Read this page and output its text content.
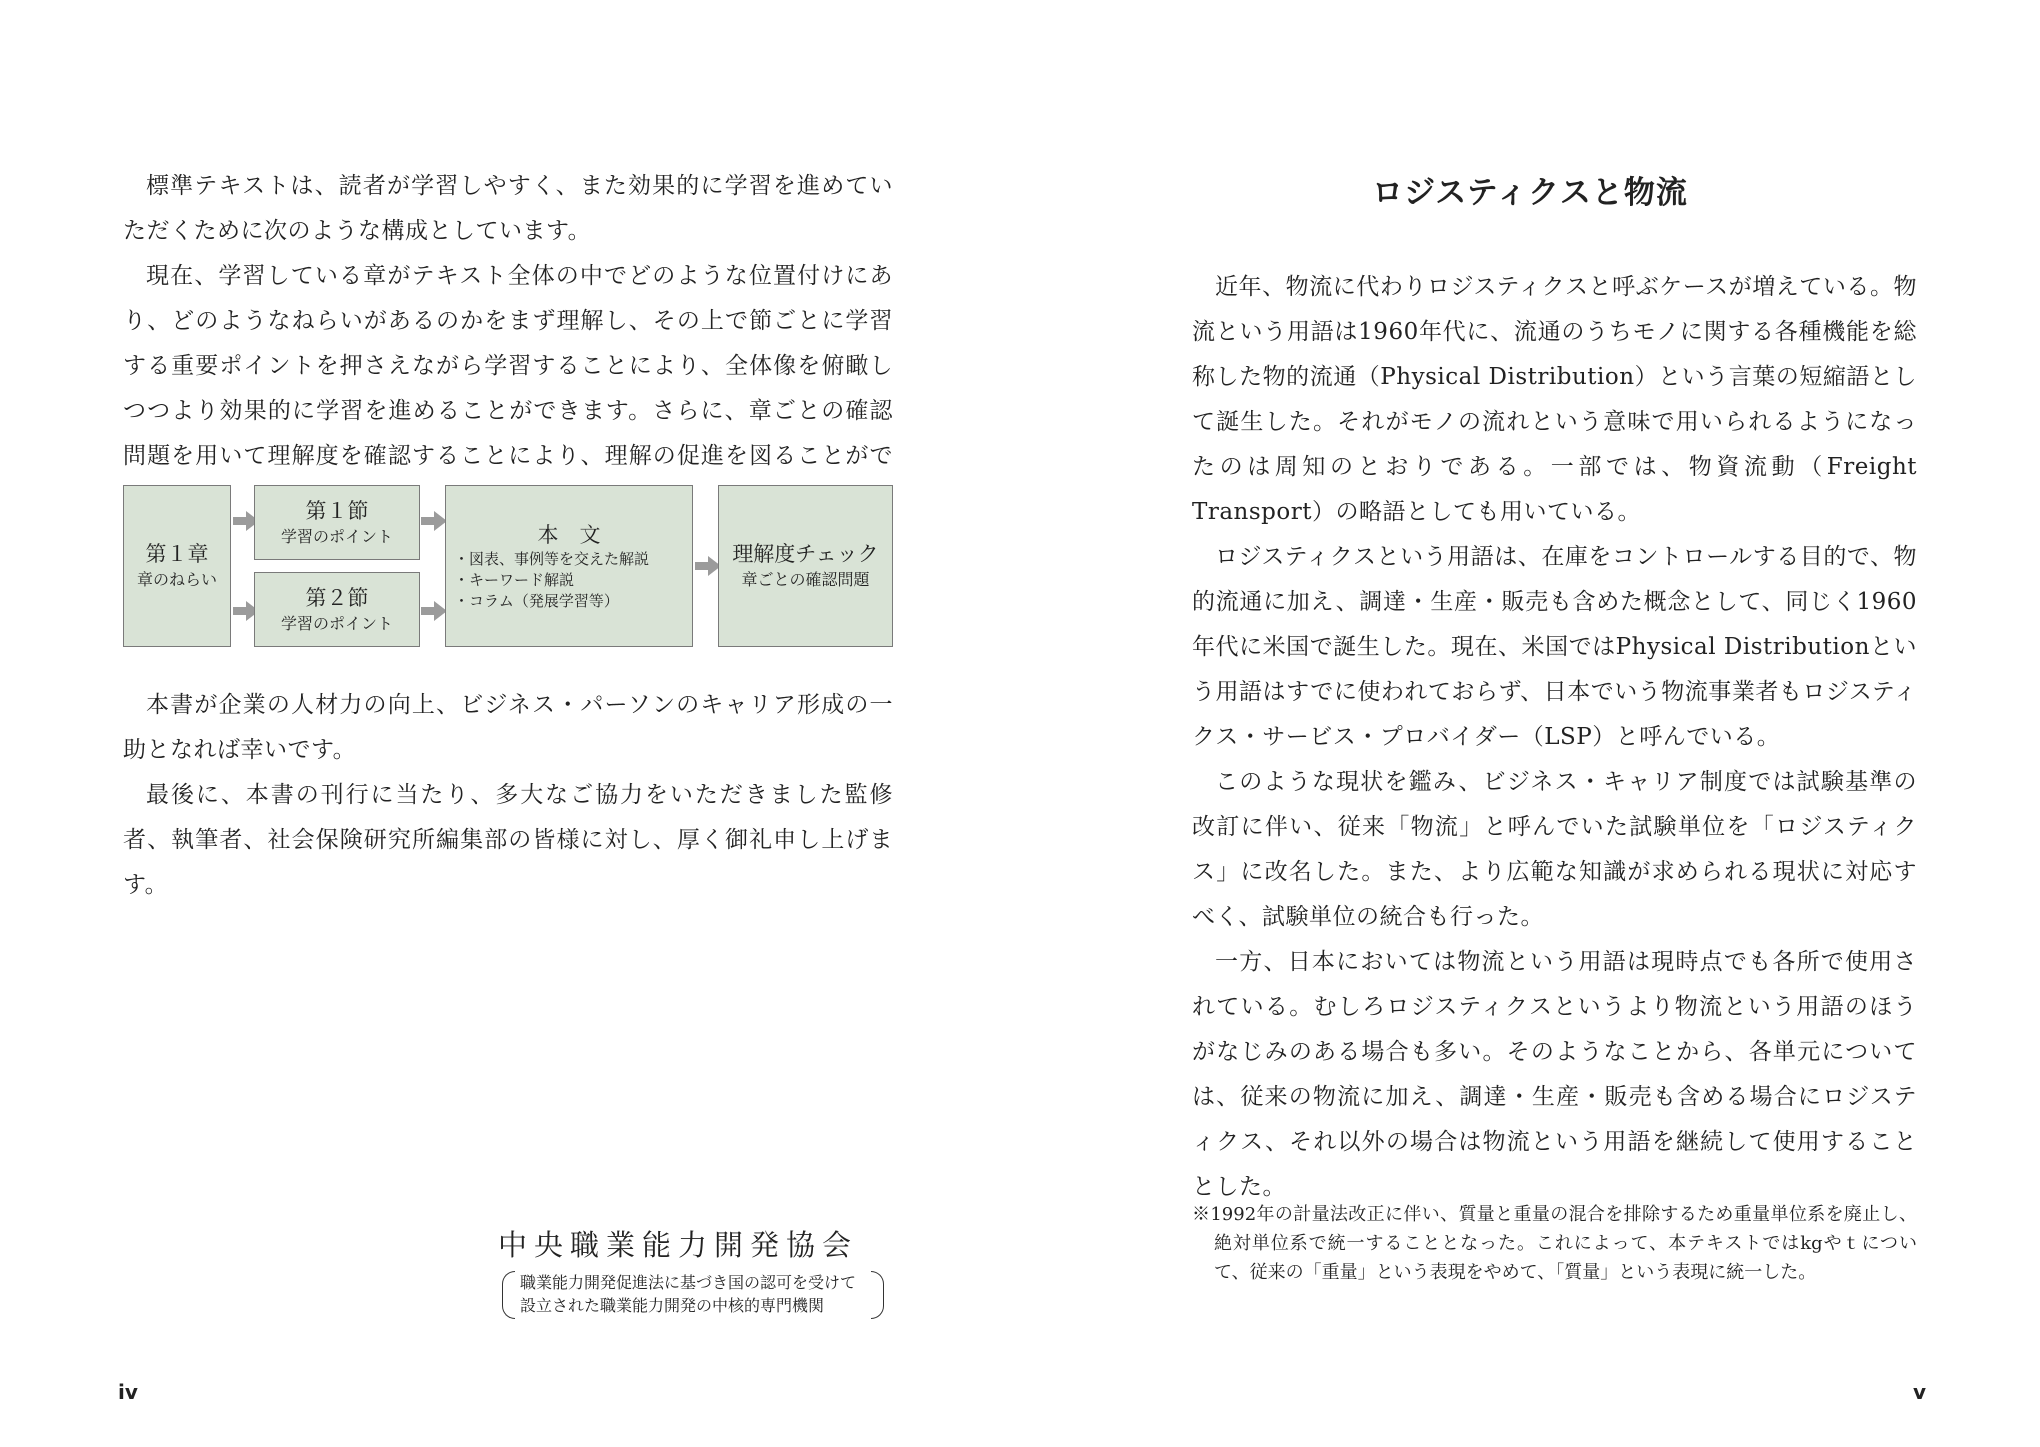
標準テキストは、読者が学習しやすく、また効果的に学習を進めていただくために次のような構成としています。

現在、学習している章がテキスト全体の中でどのような位置付けにあり、どのようなねらいがあるのかをまず理解し、その上で節ごとに学習する重要ポイントを押さえながら学習することにより、全体像を俯瞰しつつより効果的に学習を進めることができます。さらに、章ごとの確認問題を用いて理解度を確認することにより、理解の促進を図ることがで

第１章
章のねらい
第１節
学習のポイント
第２節
学習のポイント
本　文
・図表、事例等を交えた解説
・キーワード解説
・コラム（発展学習等）
理解度チェック
章ごとの確認問題

本書が企業の人材力の向上、ビジネス・パーソンのキャリア形成の一助となれば幸いです。

最後に、本書の刊行に当たり、多大なご協力をいただきました監修者、執筆者、社会保険研究所編集部の皆様に対し、厚く御礼申し上げます。

中央職業能力開発協会
職業能力開発促進法に基づき国の認可を受けて
設立された職業能力開発の中核的専門機関
iv
ロジスティクスと物流

近年、物流に代わりロジスティクスと呼ぶケースが増えている。物流という用語は1960年代に、流通のうちモノに関する各種機能を総称した物的流通（Physical Distribution）という言葉の短縮語として誕生した。それがモノの流れという意味で用いられるようになったのは周知のとおりである。一部では、物資流動（Freight Transport）の略語としても用いている。

ロジスティクスという用語は、在庫をコントロールする目的で、物的流通に加え、調達・生産・販売も含めた概念として、同じく1960年代に米国で誕生した。現在、米国ではPhysical Distributionという用語はすでに使われておらず、日本でいう物流事業者もロジスティクス・サービス・プロバイダー（LSP）と呼んでいる。

このような現状を鑑み、ビジネス・キャリア制度では試験基準の改訂に伴い、従来「物流」と呼んでいた試験単位を「ロジスティクス」に改名した。また、より広範な知識が求められる現状に対応すべく、試験単位の統合も行った。

一方、日本においては物流という用語は現時点でも各所で使用されている。むしろロジスティクスというより物流という用語のほうがなじみのある場合も多い。そのようなことから、各単元については、従来の物流に加え、調達・生産・販売も含める場合にロジスティクス、それ以外の場合は物流という用語を継続して使用することとした。

※1992年の計量法改正に伴い、質量と重量の混合を排除するため重量単位系を廃止し、絶対単位系で統一することとなった。これによって、本テキストではkgやｔについて、従来の「重量」という表現をやめて、「質量」という表現に統一した。

v
